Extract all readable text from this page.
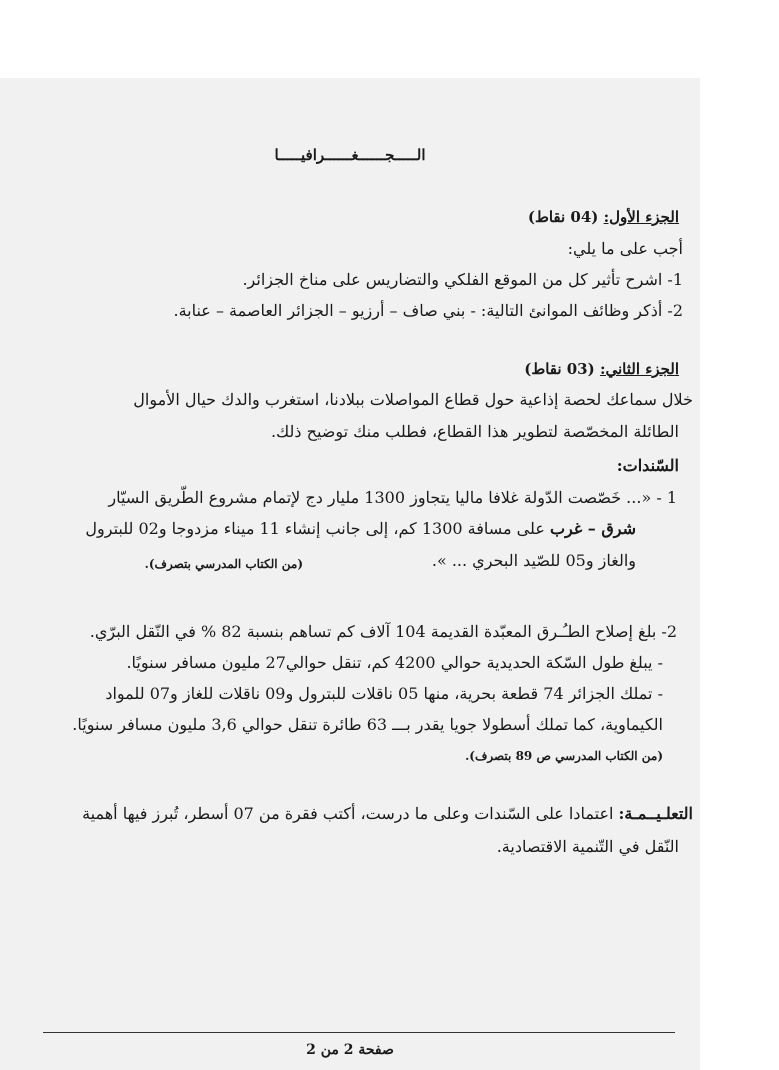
الـــــجــــــغــــــرافيـــــا
الجزء الأول: (04 نقاط)
أجب على ما يلي:
1- اشرح تأثير كل من الموقع الفلكي والتضاريس على مناخ الجزائر.
2- أذكر وظائف الموانئ التالية: - بني صاف – أرزيو – الجزائر العاصمة – عنابة.
الجزء الثاني: (03 نقاط)
خلال سماعك لحصة إذاعية حول قطاع المواصلات ببلادنا، استغرب والدك حيال الأموال
الطائلة المخصّصة لتطوير هذا القطاع، فطلب منك توضيح ذلك.
السّندات:
1 - «... خَصّصت الدّولة غلافا ماليا يتجاوز 1300 مليار دج لإتمام مشروع الطّريق السيّار
شرق – غرب على مسافة 1300 كم، إلى جانب إنشاء 11 ميناء مزدوجا و02 للبترول
والغاز و05 للصّيد البحري ... ».
(من الكتاب المدرسي بتصرف).
2- بلغ إصلاح الطـُـرق المعبّدة القديمة 104 آلاف كم تساهم بنسبة 82 % في النّقل البرّي.
- يبلغ طول السّكة الحديدية حوالي 4200 كم، تنقل حوالي27 مليون مسافر سنويًا.
- تملك الجزائر 74 قطعة بحرية، منها 05 ناقلات للبترول و09 ناقلات للغاز و07 للمواد
الكيماوية، كما تملك أسطولا جويا يقدر بـــ 63 طائرة تنقل حوالي 3,6 مليون مسافر سنويًا.
(من الكتاب المدرسي ص 89 بتصرف).
التعلـيــمـة: اعتمادا على السّندات وعلى ما درست، أكتب فقرة من 07 أسطر، تُبرز فيها أهمية
النّقل في التّنمية الاقتصادية.
صفحة 2 من 2
